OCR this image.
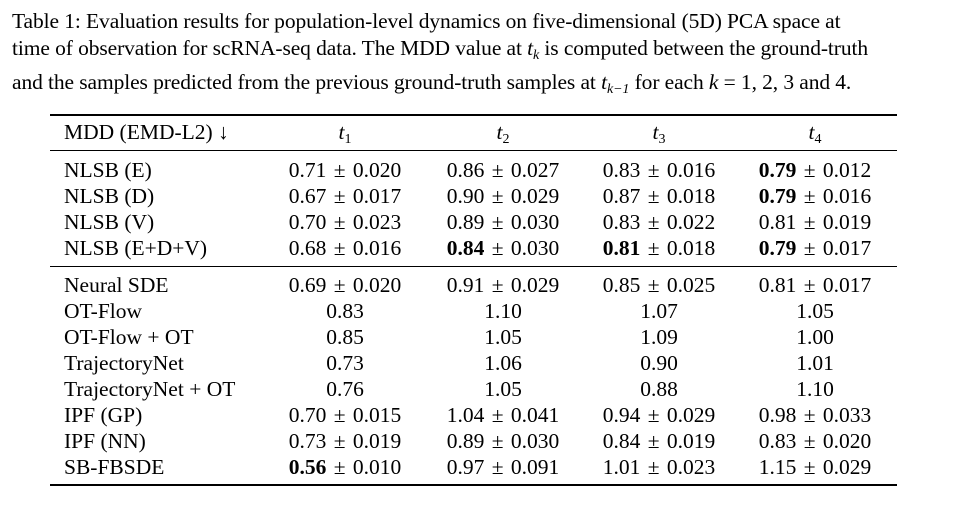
Table 1: Evaluation results for population-level dynamics on five-dimensional (5D) PCA space at
time of observation for scRNA-seq data. The MDD value at $t_k$ is computed between the ground-truth
and the samples predicted from the previous ground-truth samples at $t_{k-1}$ for each k = 1, 2, 3 and 4.
MDD (EMD-L2) ↓	t1	t2	t3	t4
NLSB (E)	0.71 ± 0.020	0.86 ± 0.027	0.83 ± 0.016	0.79 ± 0.012
NLSB (D)	0.67 ± 0.017	0.90 ± 0.029	0.87 ± 0.018	0.79 ± 0.016
NLSB (V)	0.70 ± 0.023	0.89 ± 0.030	0.83 ± 0.022	0.81 ± 0.019
NLSB (E+D+V)	0.68 ± 0.016	0.84 ± 0.030	0.81 ± 0.018	0.79 ± 0.017
Neural SDE	0.69 ± 0.020	0.91 ± 0.029	0.85 ± 0.025	0.81 ± 0.017
OT-Flow	0.83	1.10	1.07	1.05
OT-Flow + OT	0.85	1.05	1.09	1.00
TrajectoryNet	0.73	1.06	0.90	1.01
TrajectoryNet + OT	0.76	1.05	0.88	1.10
IPF (GP)	0.70 ± 0.015	1.04 ± 0.041	0.94 ± 0.029	0.98 ± 0.033
IPF (NN)	0.73 ± 0.019	0.89 ± 0.030	0.84 ± 0.019	0.83 ± 0.020
SB-FBSDE	0.56 ± 0.010	0.97 ± 0.091	1.01 ± 0.023	1.15 ± 0.029
